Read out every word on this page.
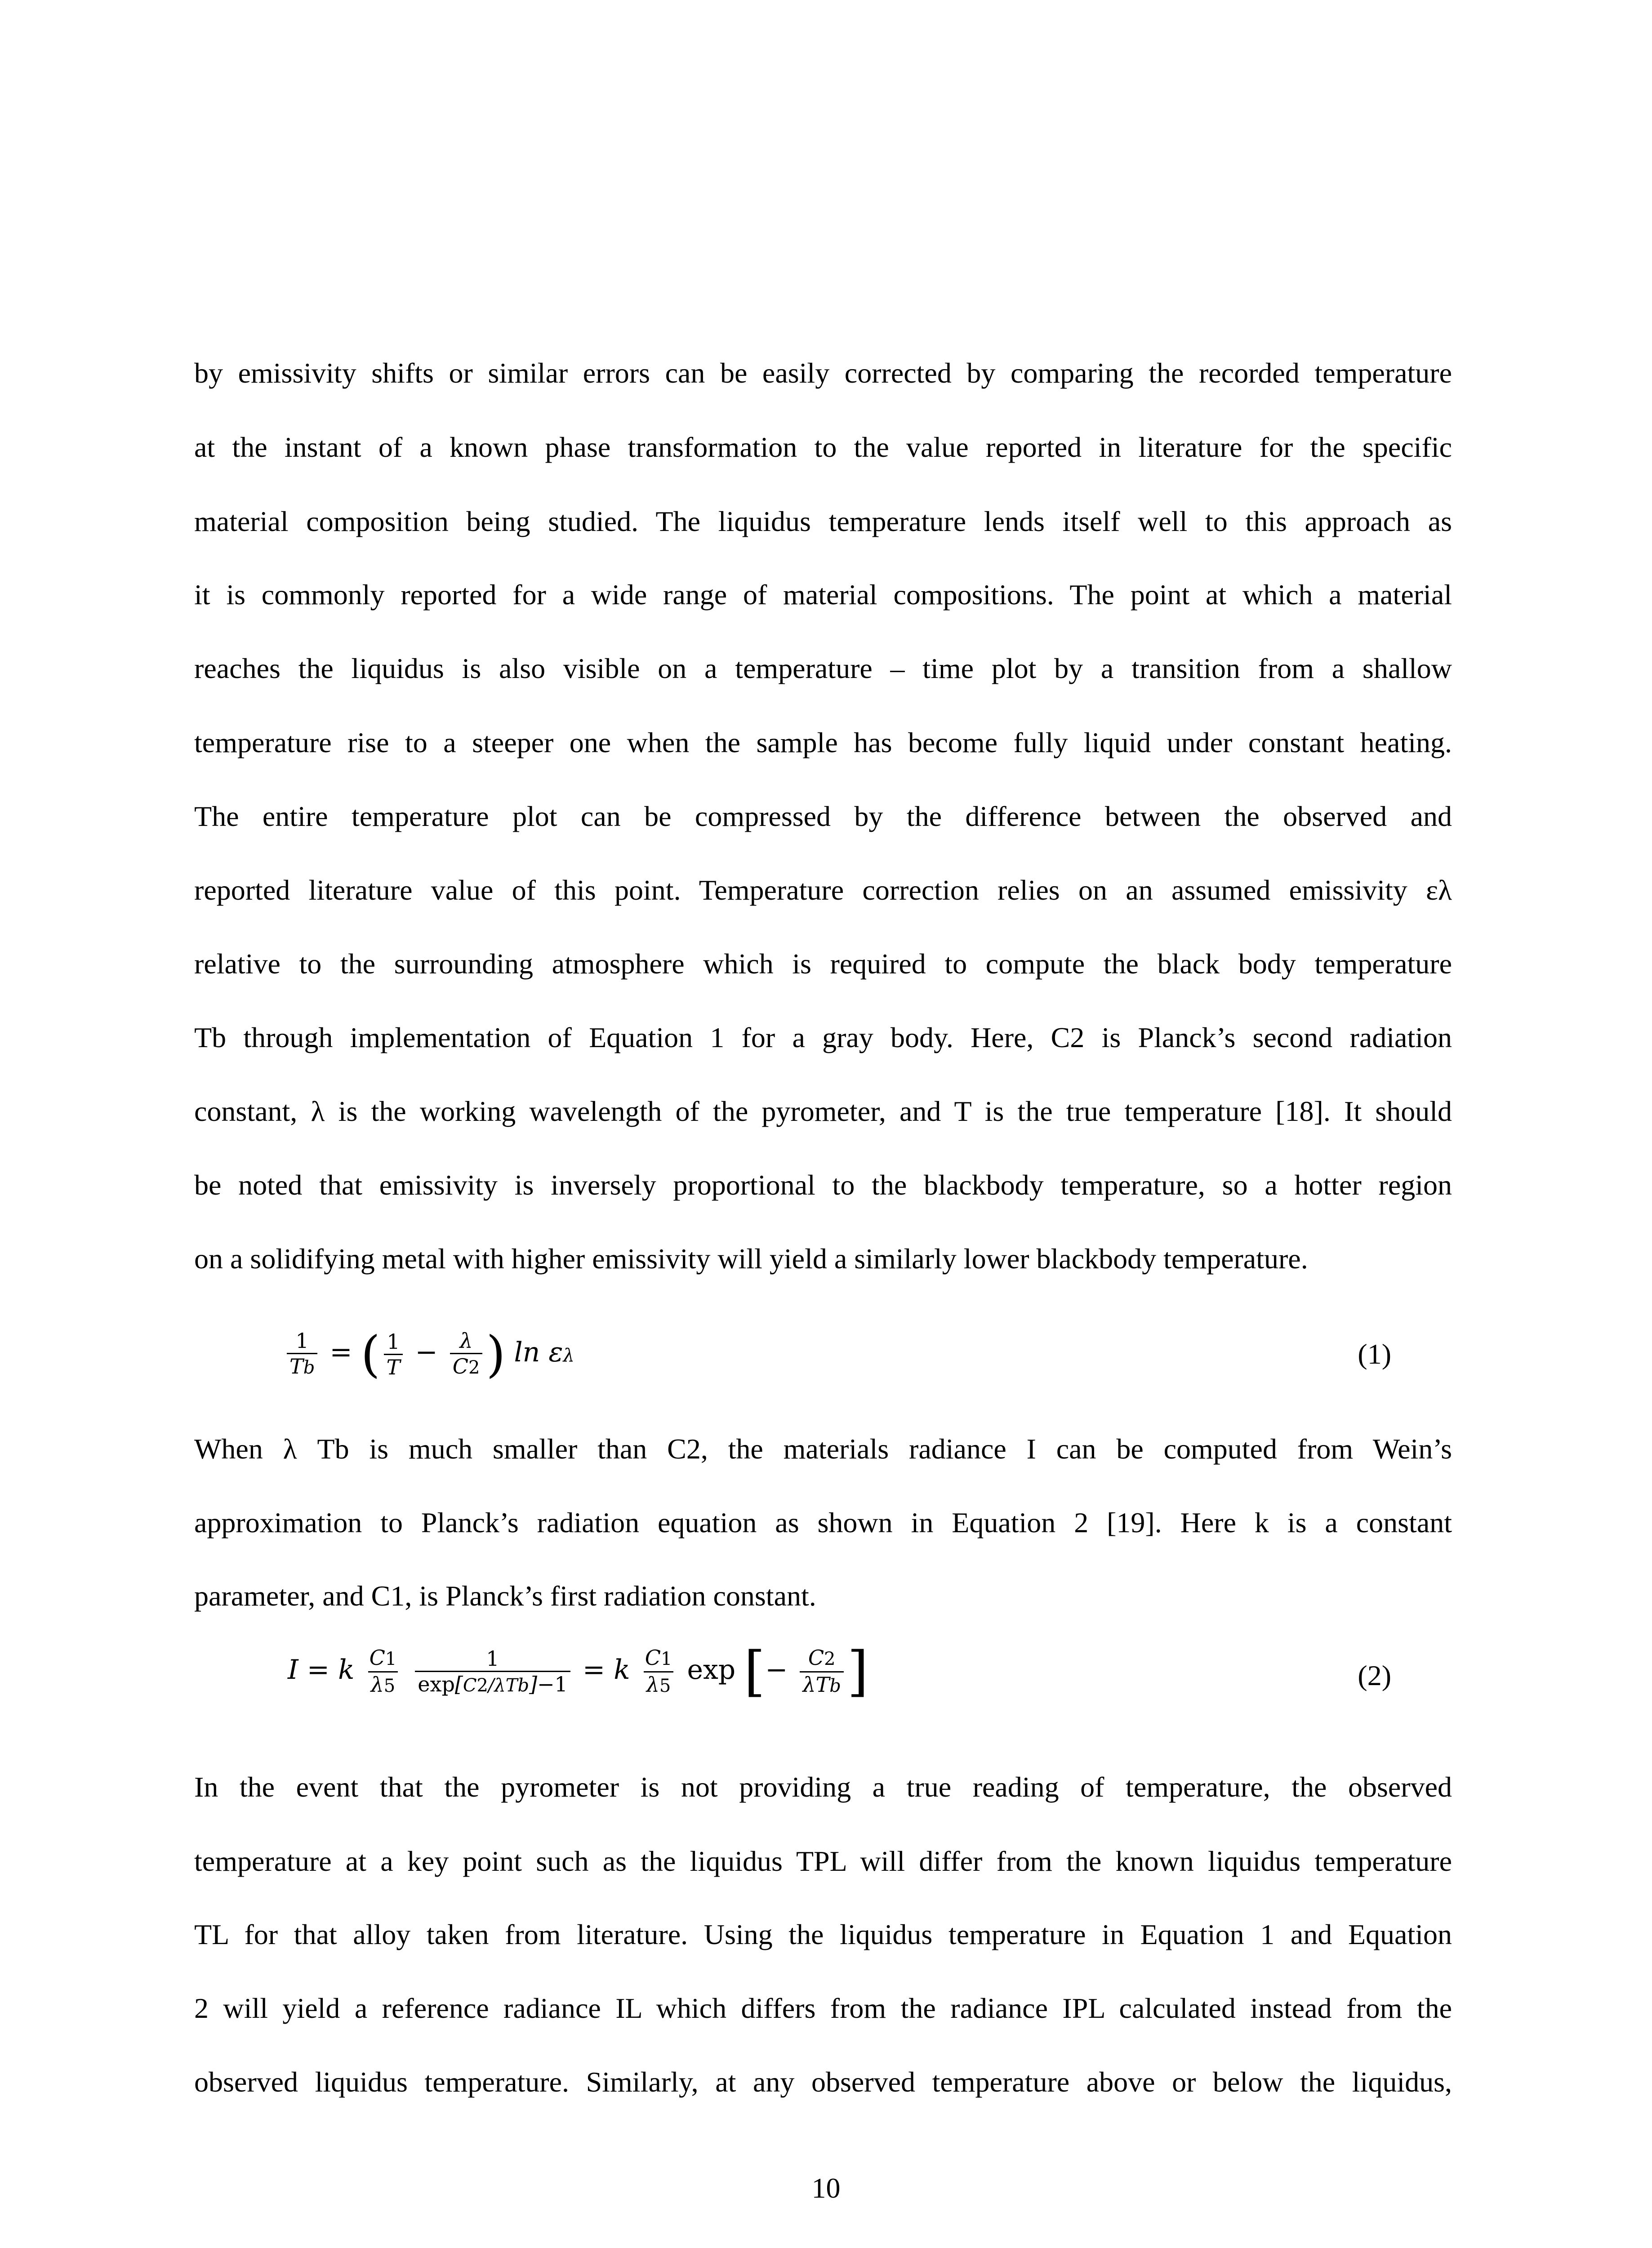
by emissivity shifts or similar errors can be easily corrected by comparing the recorded temperature
at the instant of a known phase transformation to the value reported in literature for the specific
material composition being studied. The liquidus temperature lends itself well to this approach as
it is commonly reported for a wide range of material compositions. The point at which a material
reaches the liquidus is also visible on a temperature – time plot by a transition from a shallow
temperature rise to a steeper one when the sample has become fully liquid under constant heating.
The entire temperature plot can be compressed by the difference between the observed and
reported literature value of this point. Temperature correction relies on an assumed emissivity ελ
relative to the surrounding atmosphere which is required to compute the black body temperature
Tb through implementation of Equation 1 for a gray body. Here, C2 is Planck’s second radiation
constant, λ is the working wavelength of the pyrometer, and T is the true temperature [18]. It should
be noted that emissivity is inversely proportional to the blackbody temperature, so a hotter region
on a solidifying metal with higher emissivity will yield a similarly lower blackbody temperature.
$\frac{1}{Tb}$ = ( $\frac{1}{T} - \frac{\lambda}{C2}$ ) ln ελ	(1)
When λ Tb is much smaller than C2, the materials radiance I can be computed from Wein’s
approximation to Planck’s radiation equation as shown in Equation 2 [19]. Here k is a constant
parameter, and C1, is Planck’s first radiation constant.
I = k $\frac{C1}{\lambda 5}$
$\frac{1}{\text{exp[C2/λTb]−1}} = k \frac{C1}{\lambda 5}$ exp [− $\frac{C2}{\text{λTb}}$ ]	(2)
In the event that the pyrometer is not providing a true reading of temperature, the observed
temperature at a key point such as the liquidus TPL will differ from the known liquidus temperature
TL for that alloy taken from literature. Using the liquidus temperature in Equation 1 and Equation
2 will yield a reference radiance IL which differs from the radiance IPL calculated instead from the
observed liquidus temperature. Similarly, at any observed temperature above or below the liquidus,
10
